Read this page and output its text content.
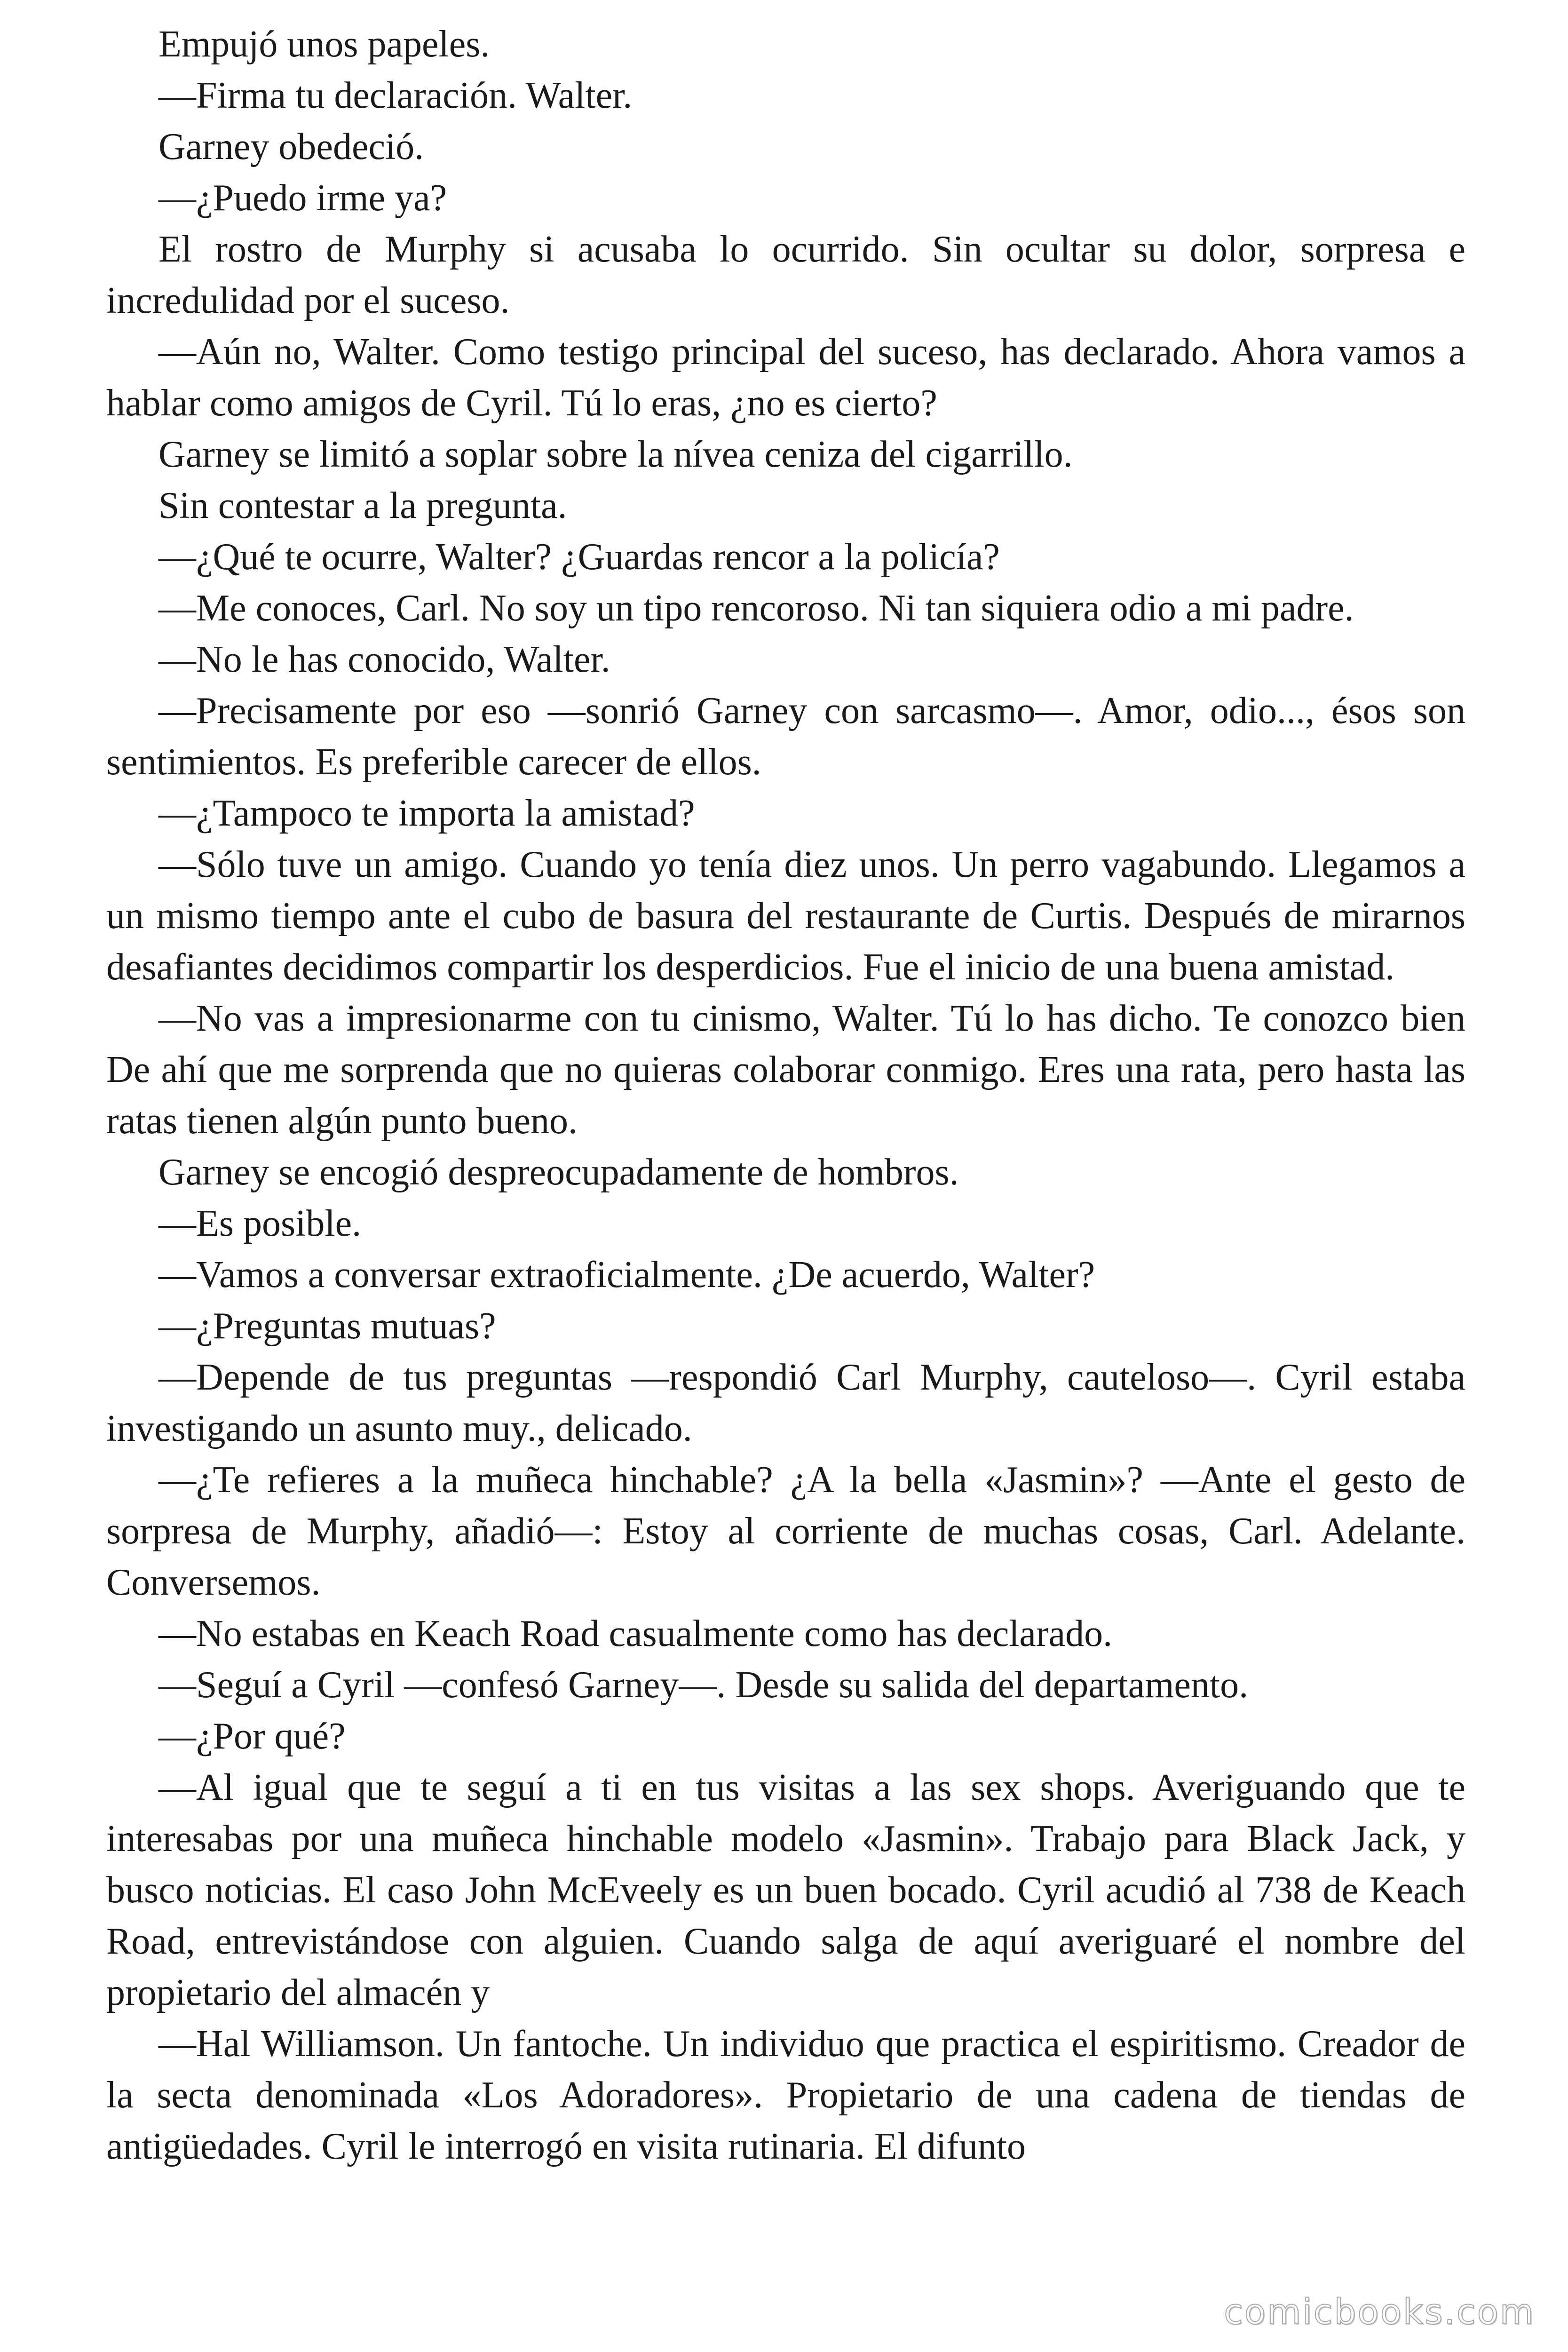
Empujó unos papeles.

—Firma tu declaración. Walter.

Garney obedeció.

—¿Puedo irme ya?

El rostro de Murphy si acusaba lo ocurrido. Sin ocultar su dolor, sorpresa e incredulidad por el suceso.

—Aún no, Walter. Como testigo principal del suceso, has declarado. Ahora vamos a hablar como amigos de Cyril. Tú lo eras, ¿no es cierto?

Garney se limitó a soplar sobre la nívea ceniza del cigarrillo.

Sin contestar a la pregunta.

—¿Qué te ocurre, Walter? ¿Guardas rencor a la policía?

—Me conoces, Carl. No soy un tipo rencoroso. Ni tan siquiera odio a mi padre.

—No le has conocido, Walter.

—Precisamente por eso —sonrió Garney con sarcasmo—. Amor, odio..., ésos son sentimientos. Es preferible carecer de ellos.

—¿Tampoco te importa la amistad?

—Sólo tuve un amigo. Cuando yo tenía diez unos. Un perro vagabundo. Llegamos a un mismo tiempo ante el cubo de basura del restaurante de Curtis. Después de mirarnos desafiantes decidimos compartir los desperdicios. Fue el inicio de una buena amistad.

—No vas a impresionarme con tu cinismo, Walter. Tú lo has dicho. Te conozco bien De ahí que me sorprenda que no quieras colaborar conmigo. Eres una rata, pero hasta las ratas tienen algún punto bueno.

Garney se encogió despreocupadamente de hombros.

—Es posible.

—Vamos a conversar extraoficialmente. ¿De acuerdo, Walter?

—¿Preguntas mutuas?

—Depende de tus preguntas —respondió Carl Murphy, cauteloso—. Cyril estaba investigando un asunto muy., delicado.

—¿Te refieres a la muñeca hinchable? ¿A la bella «Jasmin»? —Ante el gesto de sorpresa de Murphy, añadió—: Estoy al corriente de muchas cosas, Carl. Adelante. Conversemos.

—No estabas en Keach Road casualmente como has declarado.

—Seguí a Cyril —confesó Garney—. Desde su salida del departamento.

—¿Por qué?

—Al igual que te seguí a ti en tus visitas a las sex shops. Averiguando que te interesabas por una muñeca hinchable modelo «Jasmin». Trabajo para Black Jack, y busco noticias. El caso John McEveely es un buen bocado. Cyril acudió al 738 de Keach Road, entrevistándose con alguien. Cuando salga de aquí averiguaré el nombre del propietario del almacén y

—Hal Williamson. Un fantoche. Un individuo que practica el espiritismo. Creador de la secta denominada «Los Adoradores». Propietario de una cadena de tiendas de antigüedades. Cyril le interrogó en visita rutinaria. El difunto

comicbooks.com
